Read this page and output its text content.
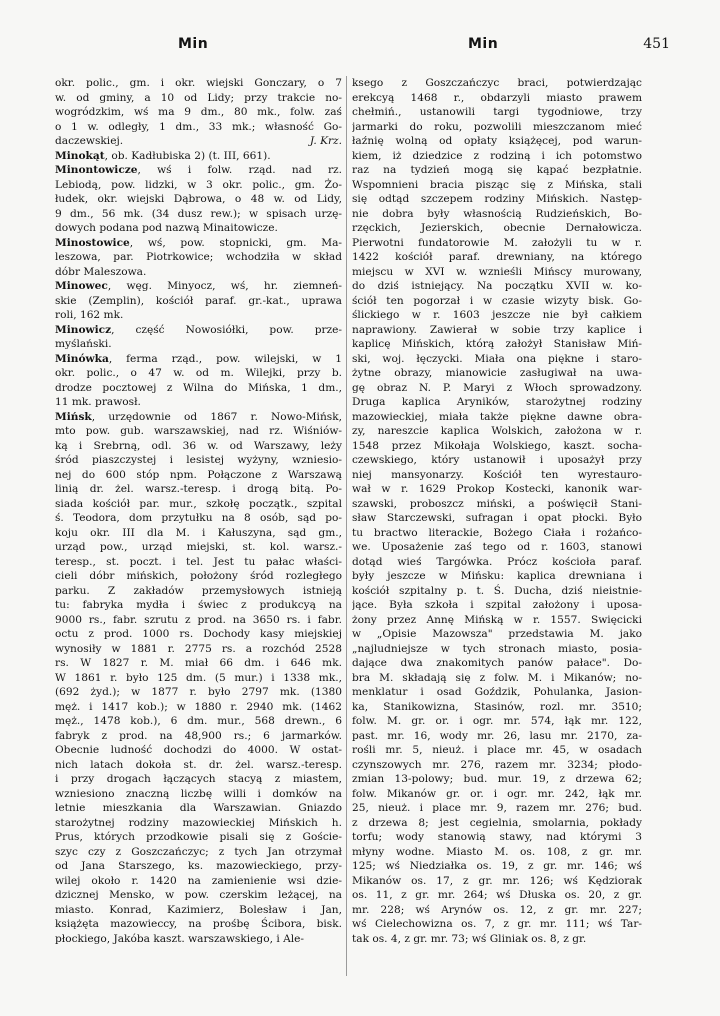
Min	Min	451
okr. polic., gm. i okr. wiejski Gonczary, o 7
w. od gminy, a 10 od Lidy; przy trakcie no-
wogródzkim, wś ma 9 dm., 80 mk., folw. zaś
o 1 w. odległy, 1 dm., 33 mk.; własność Go-
daczewskiej.	J. Krz.
Minokąt, ob. Kadłubiska 2) (t. III, 661).
Minontowicze, wś i folw. rząd. nad rz.
Lebiodą, pow. lidzki, w 3 okr. polic., gm. Żo-
łudek, okr. wiejski Dąbrowa, o 48 w. od Lidy,
9 dm., 56 mk. (34 dusz rew.); w spisach urzę-
dowych podana pod nazwą Minaitowicze.
Minostowice, wś, pow. stopnicki, gm. Ma-
leszowa, par. Piotrkowice; wchodziła w skład
dóbr Maleszowa.
Minowec, węg. Minyocz, wś, hr. ziemneń-
skie (Zemplin), kościół paraf. gr.-kat., uprawa
roli, 162 mk.
Minowicz, część Nowosiółki, pow. prze-
myślański.
Minówka, ferma rząd., pow. wilejski, w 1
okr. polic., o 47 w. od m. Wilejki, przy b.
drodze pocztowej z Wilna do Mińska, 1 dm.,
11 mk. prawosł.
Mińsk, urzędownie od 1867 r. Nowo-Mińsk,
mto pow. gub. warszawskiej, nad rz. Wiśniów-
ką i Srebrną, odl. 36 w. od Warszawy, leży
śród piaszczystej i lesistej wyżyny, wzniesio-
nej do 600 stóp npm. Połączone z Warszawą
linią dr. żel. warsz.-teresp. i drogą bitą. Po-
siada kościół par. mur., szkołę początk., szpital
ś. Teodora, dom przytułku na 8 osób, sąd po-
koju okr. III dla M. i Kałuszyna, sąd gm.,
urząd pow., urząd miejski, st. kol. warsz.-
teresp., st. poczt. i tel. Jest tu pałac właści-
cieli dóbr mińskich, położony śród rozległego
parku. Z zakładów przemysłowych istnieją
tu: fabryka mydła i świec z produkcyą na
9000 rs., fabr. szrutu z prod. na 3650 rs. i fabr.
octu z prod. 1000 rs. Dochody kasy miejskiej
wynosiły w 1881 r. 2775 rs. a rozchód 2528
rs. W 1827 r. M. miał 66 dm. i 646 mk.
W 1861 r. było 125 dm. (5 mur.) i 1338 mk.,
(692 żyd.); w 1877 r. było 2797 mk. (1380
męż. i 1417 kob.); w 1880 r. 2940 mk. (1462
męż., 1478 kob.), 6 dm. mur., 568 drewn., 6
fabryk z prod. na 48,900 rs.; 6 jarmarków.
Obecnie ludność dochodzi do 4000. W ostat-
nich latach dokoła st. dr. żel. warsz.-teresp.
i przy drogach łączących stacyą z miastem,
wzniesiono znaczną liczbę willi i domków na
letnie mieszkania dla Warszawian. Gniazdo
starożytnej rodziny mazowieckiej Mińskich h.
Prus, których przodkowie pisali się z Goście-
szyc czy z Goszczańczyc; z tych Jan otrzymał
od Jana Starszego, ks. mazowieckiego, przy-
wilej około r. 1420 na zamienienie wsi dzie-
dzicznej Mensko, w pow. czerskim leżącej, na
miasto. Konrad, Kazimierz, Bolesław i Jan,
książęta mazowieccy, na prośbę Ścibora, bisk.
płockiego, Jakóba kaszt. warszawskiego, i Ale-
ksego z Goszczańczyc braci, potwierdzając
erekcyą 1468 r., obdarzyli miasto prawem
chełmiń., ustanowili targi tygodniowe, trzy
jarmarki do roku, pozwolili mieszczanom mieć
łaźnię wolną od opłaty książęcej, pod warun-
kiem, iż dziedzice z rodziną i ich potomstwo
raz na tydzień mogą się kąpać bezpłatnie.
Wspomnieni bracia pisząc się z Mińska, stali
się odtąd szczepem rodziny Mińskich. Następ-
nie dobra były własnością Rudzieńskich, Bo-
rzęckich, Jezierskich, obecnie Dernałowicza.
Pierwotni fundatorowie M. założyli tu w r.
1422 kościół paraf. drewniany, na którego
miejscu w XVI w. wznieśli Mińscy murowany,
do dziś istniejący. Na początku XVII w. ko-
ściół ten pogorzał i w czasie wizyty bisk. Go-
ślickiego w r. 1603 jeszcze nie był całkiem
naprawiony. Zawierał w sobie trzy kaplice i
kaplicę Mińskich, którą założył Stanisław Miń-
ski, woj. łęczycki. Miała ona piękne i staro-
żytne obrazy, mianowicie zasługiwał na uwa-
gę obraz N. P. Maryi z Włoch sprowadzony.
Druga kaplica Aryników, starożytnej rodziny
mazowieckiej, miała także piękne dawne obra-
zy, nareszcie kaplica Wolskich, założona w r.
1548 przez Mikołaja Wolskiego, kaszt. socha-
czewskiego, który ustanowił i uposażył przy
niej mansyonarzy. Kościół ten wyrestauro-
wał w r. 1629 Prokop Kostecki, kanonik war-
szawski, proboszcz miński, a poświęcił Stani-
sław Starczewski, sufragan i opat płocki. Było
tu bractwo literackie, Bożego Ciała i rożańco-
we. Uposażenie zaś tego od r. 1603, stanowi
dotąd wieś Targówka. Prócz kościoła paraf.
były jeszcze w Mińsku: kaplica drewniana i
kościół szpitalny p. t. Ś. Ducha, dziś nieistnie-
jące. Była szkoła i szpital założony i uposa-
żony przez Annę Mińską w r. 1557. Swięcicki
w „Opisie Mazowsza" przedstawia M. jako
„najludniejsze w tych stronach miasto, posia-
dające dwa znakomitych panów pałace". Do-
bra M. składają się z folw. M. i Mikanów; no-
menklatur i osad Goździk, Pohulanka, Jasion-
ka, Stanikowizna, Stasinów, rozl. mr. 3510;
folw. M. gr. or. i ogr. mr. 574, łąk mr. 122,
past. mr. 16, wody mr. 26, lasu mr. 2170, za-
rośli mr. 5, nieuż. i place mr. 45, w osadach
czynszowych mr. 276, razem mr. 3234; płodo-
zmian 13-polowy; bud. mur. 19, z drzewa 62;
folw. Mikanów gr. or. i ogr. mr. 242, łąk mr.
25, nieuż. i place mr. 9, razem mr. 276; bud.
z drzewa 8; jest cegielnia, smolarnia, pokłady
torfu; wody stanowią stawy, nad którymi 3
młyny wodne. Miasto M. os. 108, z gr. mr.
125; wś Niedziałka os. 19, z gr. mr. 146; wś
Mikanów os. 17, z gr. mr. 126; wś Kędziorak
os. 11, z gr. mr. 264; wś Dłuska os. 20, z gr.
mr. 228; wś Arynów os. 12, z gr. mr. 227;
wś Cielechowizna os. 7, z gr. mr. 111; wś Tar-
tak os. 4, z gr. mr. 73; wś Gliniak os. 8, z gr.
